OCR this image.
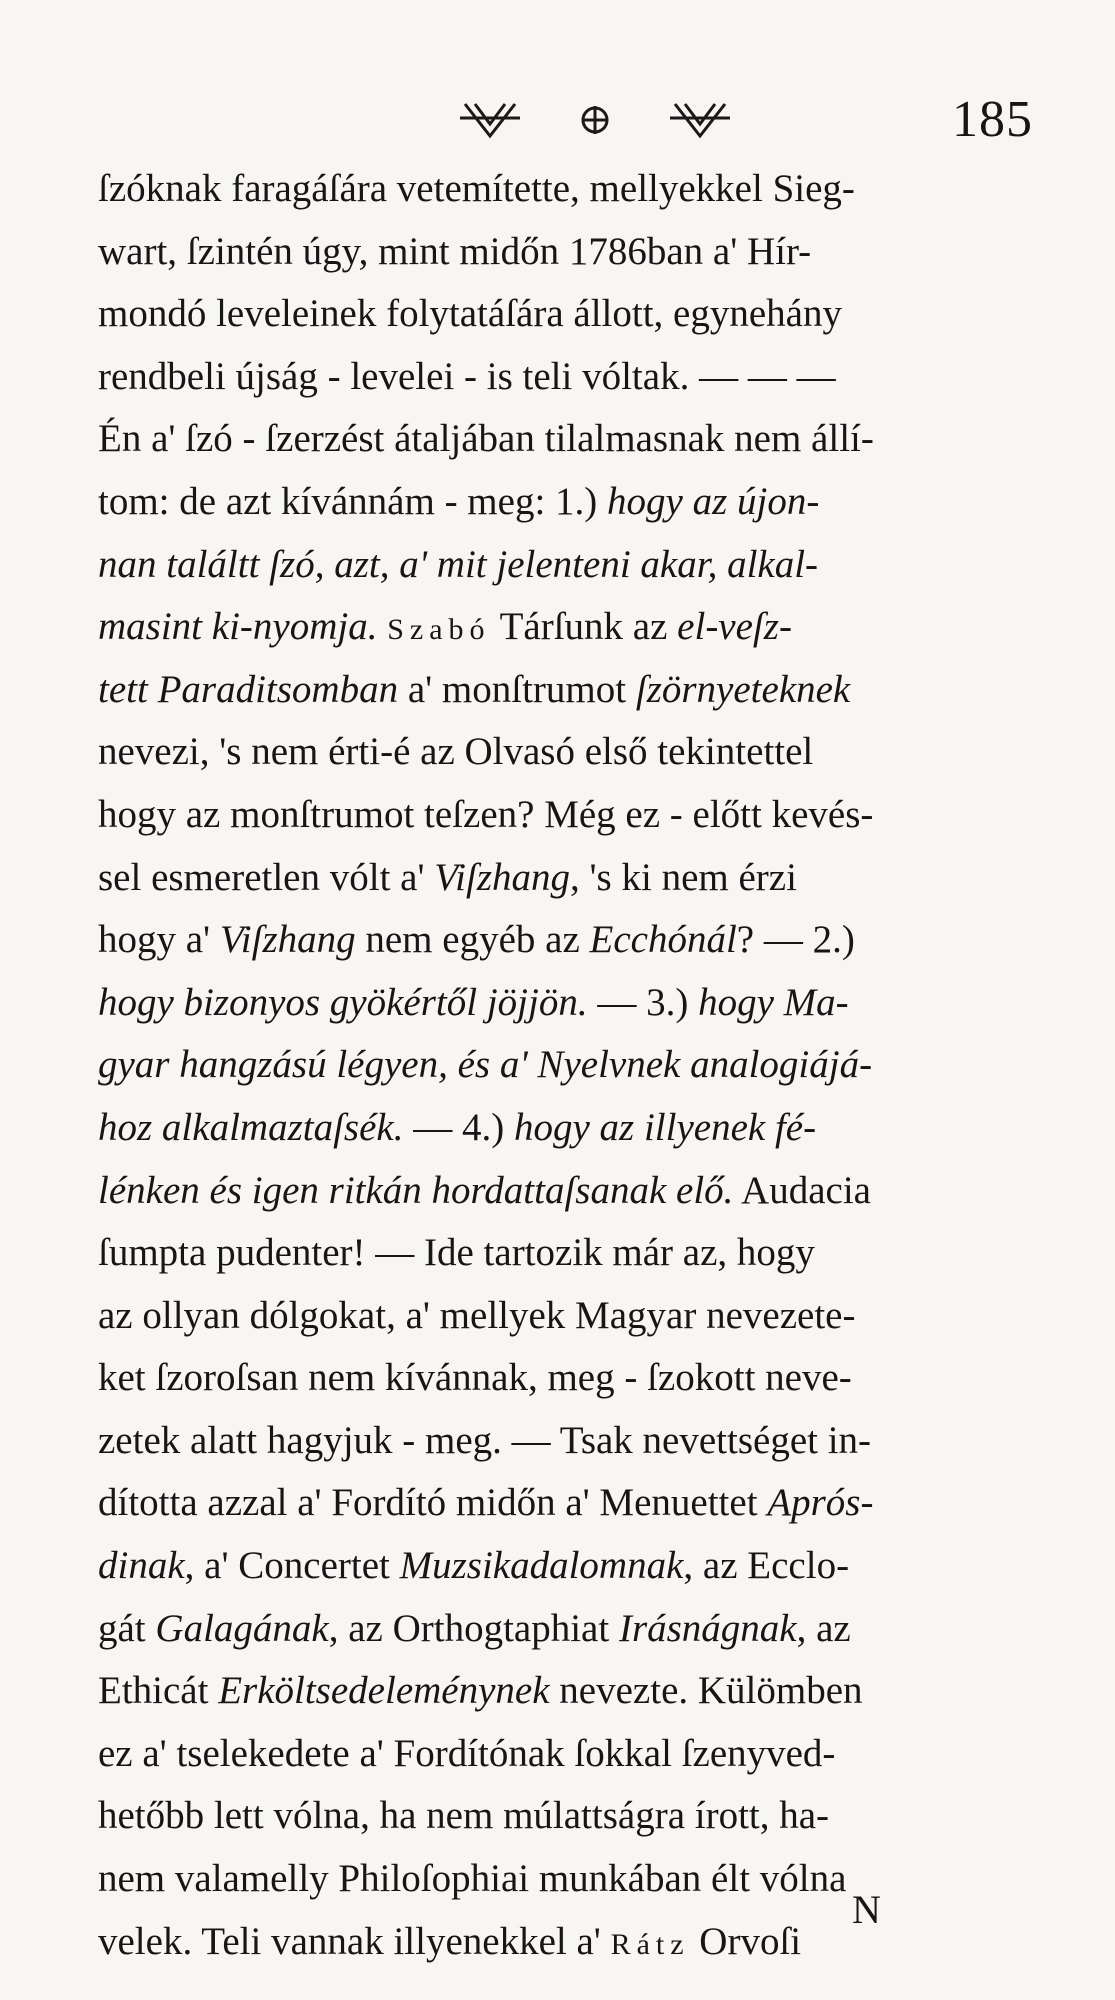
185
ſzóknak faragáſára vetemítette, mellyekkel Sieg-
wart, ſzintén úgy, mint midőn 1786ban a' Hír-
mondó leveleinek folytatáſára állott, egynehány
rendbeli újság - levelei - is teli vóltak. — — —
Én a' ſzó - ſzerzést átaljában tilalmasnak nem állí-
tom: de azt kívánnám - meg: 1.) hogy az újon-
nan találtt ſzó, azt, a' mit jelenteni akar, alkal-
masint ki-nyomja. Szabó Tárſunk az el-veſz-
tett Paraditsomban a' monſtrumot ſzörnyeteknek
nevezi, 's nem érti-é az Olvasó első tekintettel
hogy az monſtrumot teſzen? Még ez - előtt kevés-
sel esmeretlen vólt a' Viſzhang, 's ki nem érzi
hogy a' Viſzhang nem egyéb az Ecchónál? — 2.)
hogy bizonyos gyökértől jöjjön. — 3.) hogy Ma-
gyar hangzású légyen, és a' Nyelvnek analogiájá-
hoz alkalmaztaſsék. — 4.) hogy az illyenek fé-
lénken és igen ritkán hordattaſsanak elő. Audacia
ſumpta pudenter! — Ide tartozik már az, hogy
az ollyan dólgokat, a' mellyek Magyar nevezete-
ket ſzoroſsan nem kívánnak, meg - ſzokott neve-
zetek alatt hagyjuk - meg. — Tsak nevettséget in-
dította azzal a' Fordító midőn a' Menuettet Aprós-
dinak, a' Concertet Muzsikadalomnak, az Ecclo-
gát Galagának, az Orthogtaphiat Irásnágnak, az
Ethicát Erköltsedeleménynek nevezte. Külömben
ez a' tselekedete a' Fordítónak ſokkal ſzenyved-
hetőbb lett vólna, ha nem múlattságra írott, ha-
nem valamelly Philoſophiai munkában élt vólna
velek. Teli vannak illyenekkel a' Rátz Orvoſi
N
